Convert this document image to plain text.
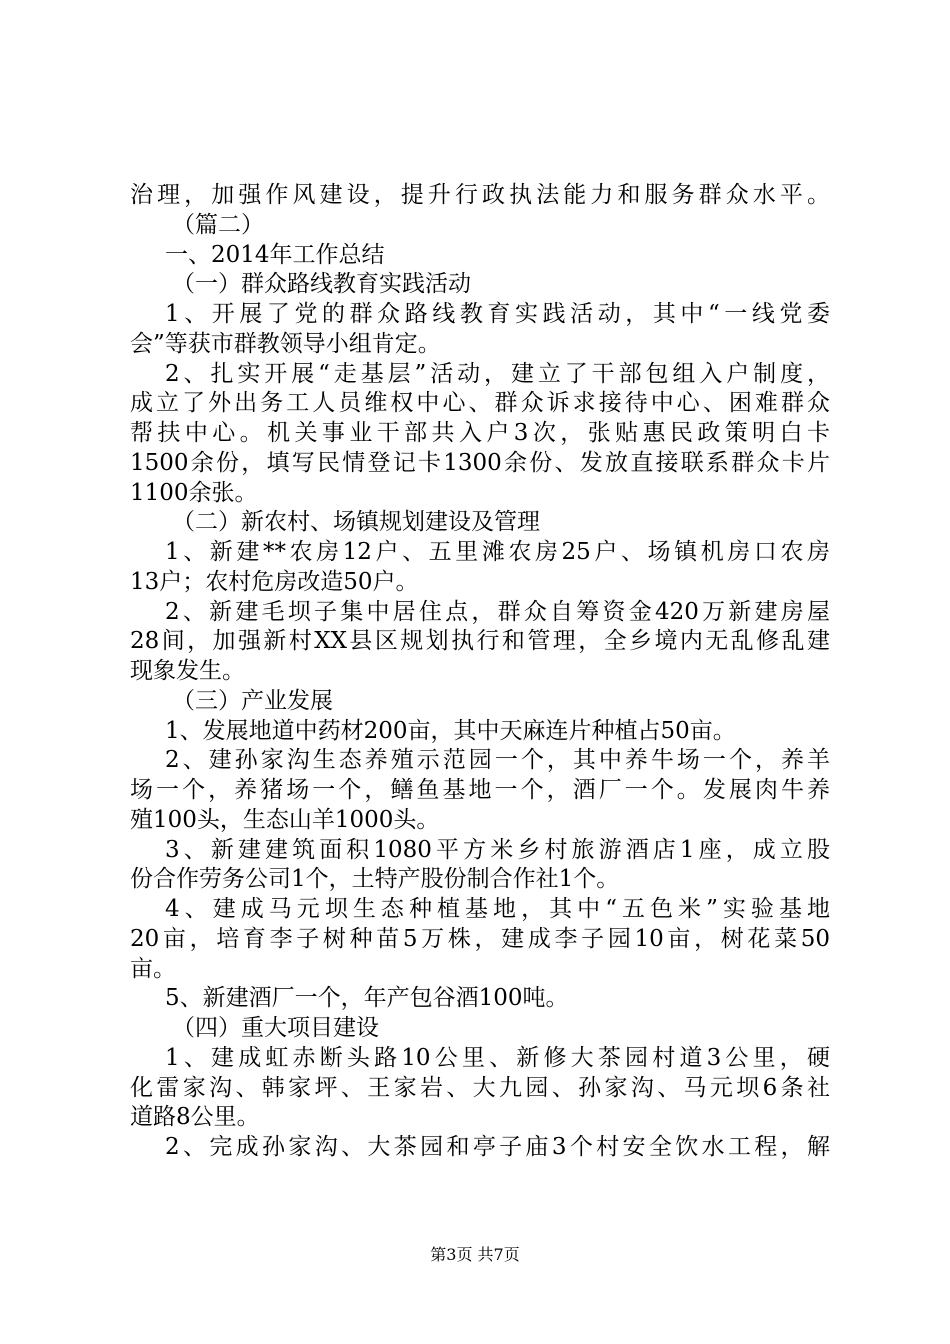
治理，加强作风建设，提升行政执法能力和服务群众水平。
（篇二）
一、2014年工作总结
（一）群众路线教育实践活动
1、开展了党的群众路线教育实践活动，其中“一线党委
会”等获市群教领导小组肯定。
2、扎实开展“走基层”活动，建立了干部包组入户制度，
成立了外出务工人员维权中心、群众诉求接待中心、困难群众
帮扶中心。机关事业干部共入户3次，张贴惠民政策明白卡
1500余份，填写民情登记卡1300余份、发放直接联系群众卡片
1100余张。
（二）新农村、场镇规划建设及管理
1、新建**农房12户、五里滩农房25户、场镇机房口农房
13户；农村危房改造50户。
2、新建毛坝子集中居住点，群众自筹资金420万新建房屋
28间，加强新村XX县区规划执行和管理，全乡境内无乱修乱建
现象发生。
（三）产业发展
1、发展地道中药材200亩，其中天麻连片种植占50亩。
2、建孙家沟生态养殖示范园一个，其中养牛场一个，养羊
场一个，养猪场一个，鳝鱼基地一个，酒厂一个。发展肉牛养
殖100头，生态山羊1000头。
3、新建建筑面积1080平方米乡村旅游酒店1座，成立股
份合作劳务公司1个，土特产股份制合作社1个。
4、建成马元坝生态种植基地，其中“五色米”实验基地
20亩，培育李子树种苗5万株，建成李子园10亩，树花菜50
亩。
5、新建酒厂一个，年产包谷酒100吨。
（四）重大项目建设
1、建成虹赤断头路10公里、新修大茶园村道3公里，硬
化雷家沟、韩家坪、王家岩、大九园、孙家沟、马元坝6条社
道路8公里。
2、完成孙家沟、大茶园和亭子庙3个村安全饮水工程，解
第3页 共7页
